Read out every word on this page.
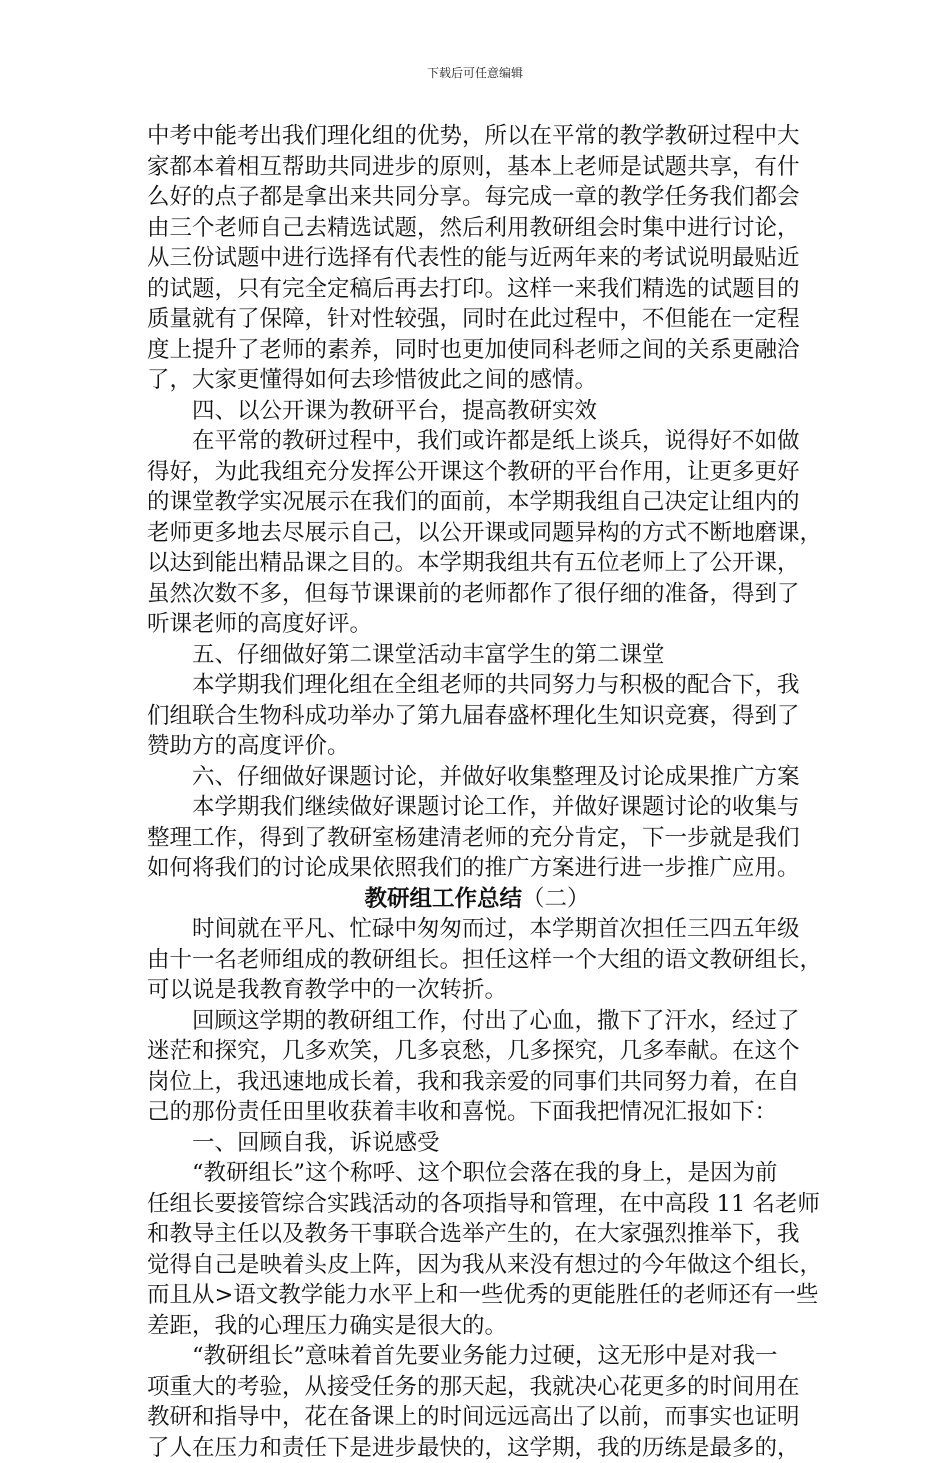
下载后可任意编辑

中考中能考出我们理化组的优势，所以在平常的教学教研过程中大

家都本着相互帮助共同进步的原则，基本上老师是试题共享，有什

么好的点子都是拿出来共同分享。每完成一章的教学任务我们都会

由三个老师自己去精选试题，然后利用教研组会时集中进行讨论，

从三份试题中进行选择有代表性的能与近两年来的考试说明最贴近

的试题，只有完全定稿后再去打印。这样一来我们精选的试题目的

质量就有了保障，针对性较强，同时在此过程中，不但能在一定程

度上提升了老师的素养，同时也更加使同科老师之间的关系更融洽

了，大家更懂得如何去珍惜彼此之间的感情。

　　四、以公开课为教研平台，提高教研实效

　　在平常的教研过程中，我们或许都是纸上谈兵，说得好不如做

得好，为此我组充分发挥公开课这个教研的平台作用，让更多更好

的课堂教学实况展示在我们的面前，本学期我组自己决定让组内的

老师更多地去尽展示自己，以公开课或同题异构的方式不断地磨课，

以达到能出精品课之目的。本学期我组共有五位老师上了公开课，

虽然次数不多，但每节课课前的老师都作了很仔细的准备，得到了

听课老师的高度好评。

　　五、仔细做好第二课堂活动丰富学生的第二课堂

　　本学期我们理化组在全组老师的共同努力与积极的配合下，我

们组联合生物科成功举办了第九届春盛杯理化生知识竞赛，得到了

赞助方的高度评价。

　　六、仔细做好课题讨论，并做好收集整理及讨论成果推广方案

　　本学期我们继续做好课题讨论工作，并做好课题讨论的收集与

整理工作，得到了教研室杨建清老师的充分肯定，下一步就是我们

如何将我们的讨论成果依照我们的推广方案进行进一步推广应用。

教研组工作总结（二）

　　时间就在平凡、忙碌中匆匆而过，本学期首次担任三四五年级

由十一名老师组成的教研组长。担任这样一个大组的语文教研组长，

可以说是我教育教学中的一次转折。

　　回顾这学期的教研组工作，付出了心血，撒下了汗水，经过了

迷茫和探究，几多欢笑，几多哀愁，几多探究，几多奉献。在这个

岗位上，我迅速地成长着，我和我亲爱的同事们共同努力着，在自

己的那份责任田里收获着丰收和喜悦。下面我把情况汇报如下：

　　一、回顾自我，诉说感受

　　“教研组长”这个称呼、这个职位会落在我的身上，是因为前

任组长要接管综合实践活动的各项指导和管理，在中高段 11 名老师

和教导主任以及教务干事联合选举产生的，在大家强烈推举下，我

觉得自己是映着头皮上阵，因为我从来没有想过的今年做这个组长，

而且从>语文教学能力水平上和一些优秀的更能胜任的老师还有一些

差距，我的心理压力确实是很大的。

　　“教研组长”意味着首先要业务能力过硬，这无形中是对我一

项重大的考验，从接受任务的那天起，我就决心花更多的时间用在

教研和指导中，花在备课上的时间远远高出了以前，而事实也证明

了人在压力和责任下是进步最快的，这学期，我的历练是最多的，
